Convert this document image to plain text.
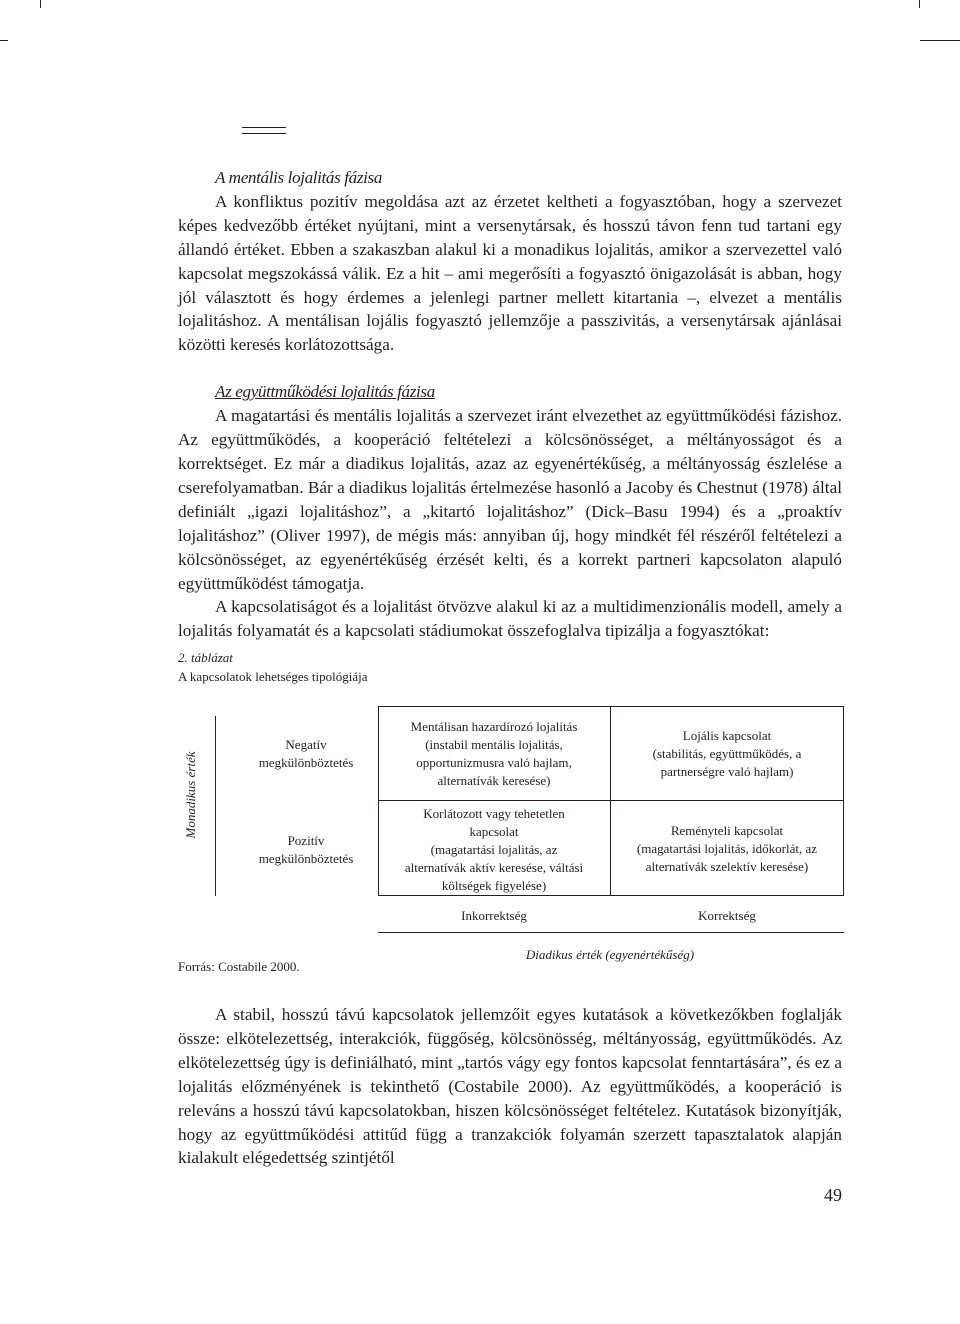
A mentális lojalitás fázisa

A konfliktus pozitív megoldása azt az érzetet keltheti a fogyasztóban, hogy a szervezet képes kedvezőbb értéket nyújtani, mint a versenytársak, és hosszú távon fenn tud tartani egy állandó értéket. Ebben a szakaszban alakul ki a monadikus lojalitás, amikor a szervezettel való kapcsolat megszokássá válik. Ez a hit – ami megerősíti a fogyasztó önigazolását is abban, hogy jól választott és hogy érdemes a jelenlegi partner mellett kitartania –, elvezet a mentális lojalitáshoz. A mentálisan lojális fogyasztó jellemzője a passzivitás, a versenytársak ajánlásai közötti keresés korlátozottsága.

Az együttműködési lojalitás fázisa

A magatartási és mentális lojalitás a szervezet iránt elvezethet az együttműködési fázishoz. Az együttműködés, a kooperáció feltételezi a kölcsönösséget, a méltányosságot és a korrektséget. Ez már a diadikus lojalitás, azaz az egyenértékűség, a méltányosság észlelése a cserefolyamatban. Bár a diadikus lojalitás értelmezése hasonló a Jacoby és Chestnut (1978) által definiált „igazi lojalitáshoz”, a „kitartó lojalitáshoz” (Dick–Basu 1994) és a „proaktív lojalitáshoz” (Oliver 1997), de mégis más: annyiban új, hogy mindkét fél részéről feltételezi a kölcsönösséget, az egyenértékűség érzését kelti, és a korrekt partneri kapcsolaton alapuló együttműködést támogatja.

A kapcsolatiságot és a lojalitást ötvözve alakul ki az a multidimenzionális modell, amely a lojalitás folyamatát és a kapcsolati stádiumokat összefoglalva tipizálja a fogyasztókat:

2. táblázat
A kapcsolatok lehetséges tipológiája
Monadikus érték
Negatív
megkülönböztetés
Pozitív
megkülönböztetés
Mentálisan hazardírozó lojalitás
(instabil mentális lojalitás,
opportunizmusra való hajlam,
alternatívák keresése)
Lojális kapcsolat
(stabilitás, együttműködés, a
partnerségre való hajlam)
Korlátozott vagy tehetetlen
kapcsolat
(magatartási lojalitás, az
alternatívák aktív keresése, váltási
költségek figyelése)
Reményteli kapcsolat
(magatartási lojalitás, időkorlát, az
alternatívák szelektív keresése)
Inkorrektség	Korrektség
Forrás: Costabile 2000.
Diadikus érték (egyenértékűség)

A stabil, hosszú távú kapcsolatok jellemzőit egyes kutatások a következőkben foglalják össze: elkötelezettség, interakciók, függőség, kölcsönösség, méltányosság, együttműködés. Az elkötelezettség úgy is definiálható, mint „tartós vágy egy fontos kapcsolat fenntartására”, és ez a lojalitás előzményének is tekinthető (Costabile 2000). Az együttműködés, a kooperáció is releváns a hosszú távú kapcsolatokban, hiszen kölcsönösséget feltételez. Kutatások bizonyítják, hogy az együttműködési attitűd függ a tranzakciók folyamán szerzett tapasztalatok alapján kialakult elégedettség szintjétől

49
